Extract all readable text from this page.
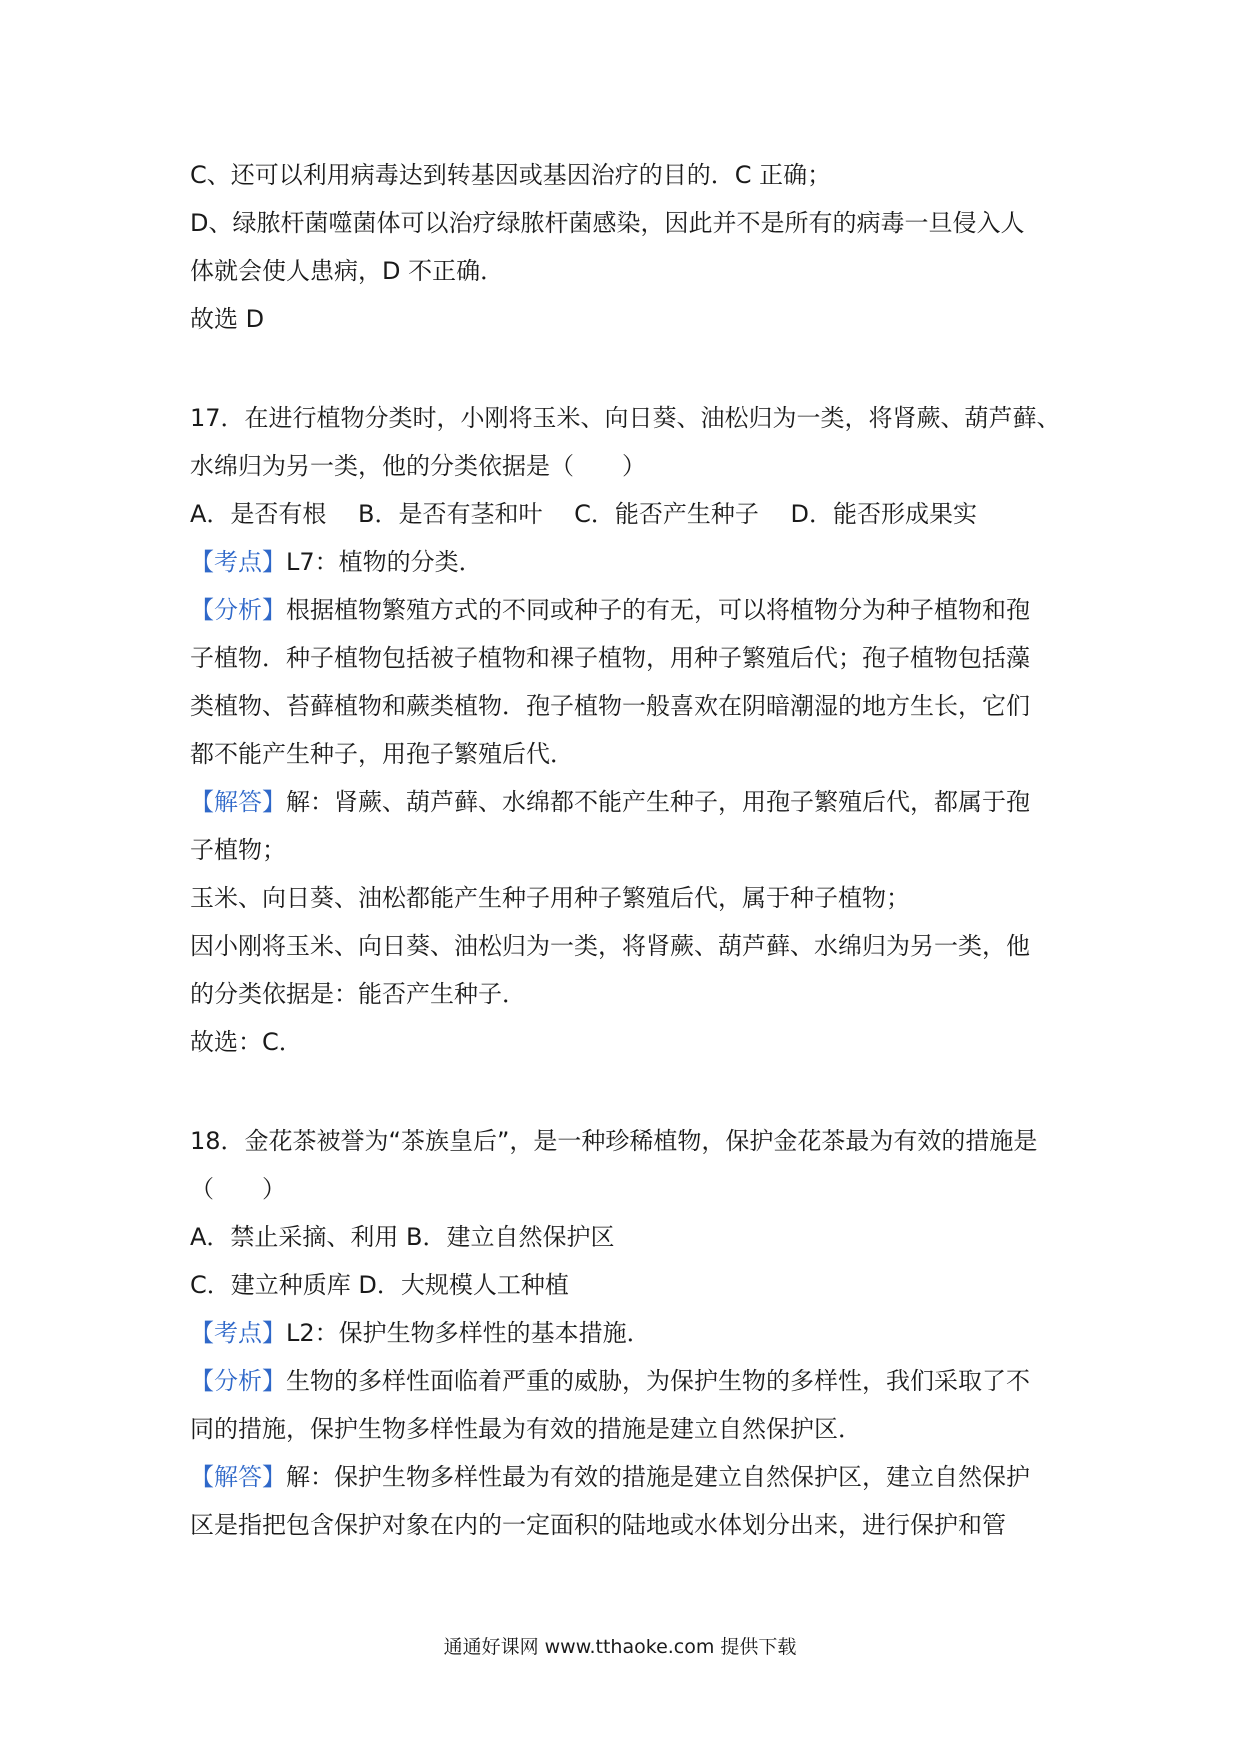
C、还可以利用病毒达到转基因或基因治疗的目的．C 正确；
D、绿脓杆菌噬菌体可以治疗绿脓杆菌感染，因此并不是所有的病毒一旦侵入人
体就会使人患病，D 不正确．
故选 D
17．在进行植物分类时，小刚将玉米、向日葵、油松归为一类，将肾蕨、葫芦藓、
水绵归为另一类，他的分类依据是（　　）
A．是否有根　 B．是否有茎和叶　 C．能否产生种子　 D．能否形成果实
【考点】L7：植物的分类．
【分析】根据植物繁殖方式的不同或种子的有无，可以将植物分为种子植物和孢
子植物．种子植物包括被子植物和裸子植物，用种子繁殖后代；孢子植物包括藻
类植物、苔藓植物和蕨类植物．孢子植物一般喜欢在阴暗潮湿的地方生长，它们
都不能产生种子，用孢子繁殖后代．
【解答】解：肾蕨、葫芦藓、水绵都不能产生种子，用孢子繁殖后代，都属于孢
子植物；
玉米、向日葵、油松都能产生种子用种子繁殖后代，属于种子植物；
因小刚将玉米、向日葵、油松归为一类，将肾蕨、葫芦藓、水绵归为另一类，他
的分类依据是：能否产生种子．
故选：C．
18．金花茶被誉为“茶族皇后”，是一种珍稀植物，保护金花茶最为有效的措施是
（　　）
A．禁止采摘、利用 B．建立自然保护区
C．建立种质库 D．大规模人工种植
【考点】L2：保护生物多样性的基本措施．
【分析】生物的多样性面临着严重的威胁，为保护生物的多样性，我们采取了不
同的措施，保护生物多样性最为有效的措施是建立自然保护区．
【解答】解：保护生物多样性最为有效的措施是建立自然保护区，建立自然保护
区是指把包含保护对象在内的一定面积的陆地或水体划分出来，进行保护和管
通通好课网 www.tthaoke.com 提供下载
